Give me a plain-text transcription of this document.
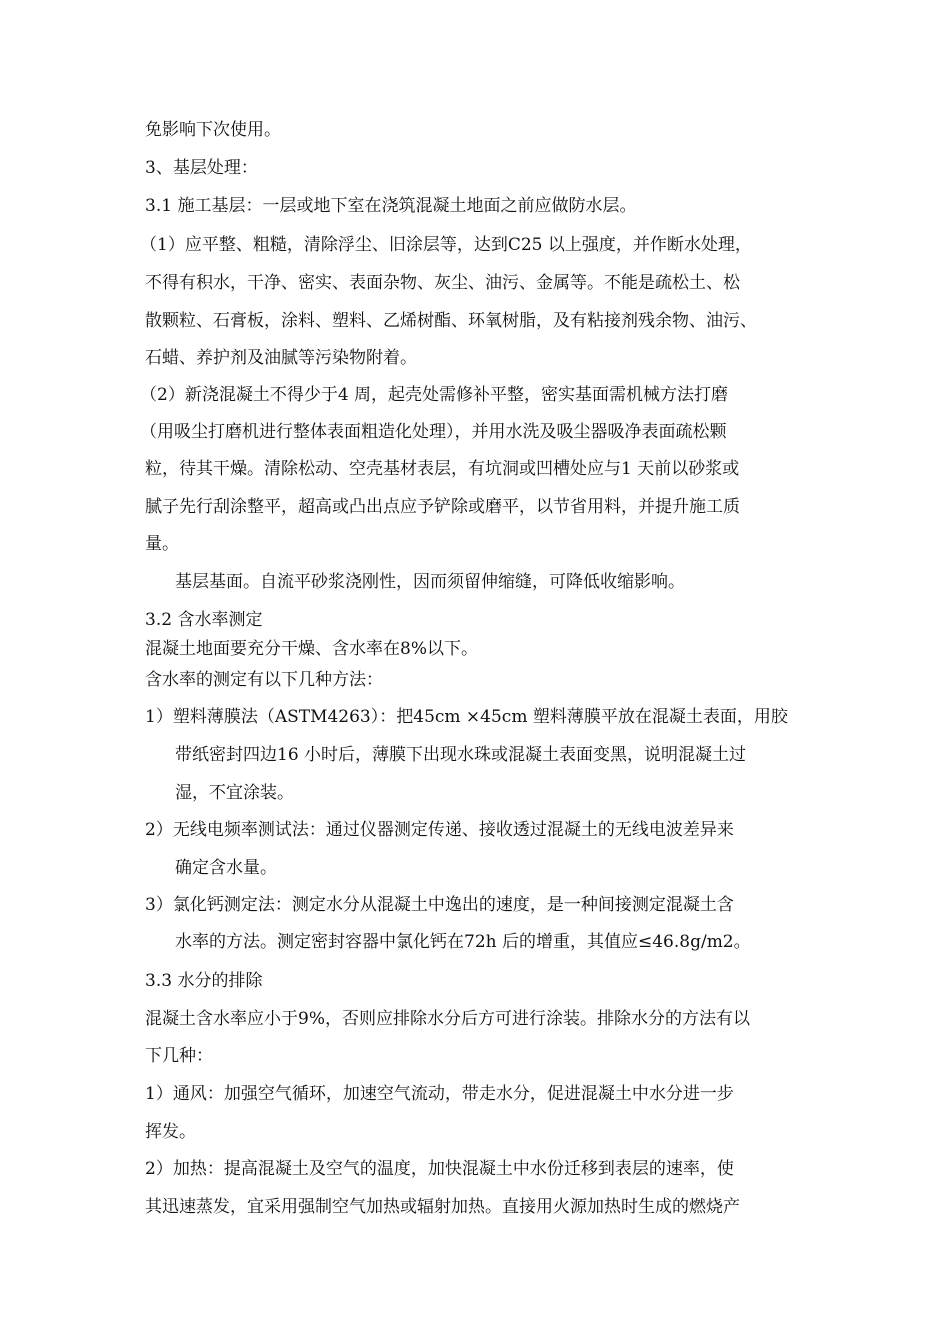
免影响下次使用。
3、基层处理：
3.1 施工基层：一层或地下室在浇筑混凝土地面之前应做防水层。
（1）应平整、粗糙，清除浮尘、旧涂层等，达到C25 以上强度，并作断水处理，
不得有积水，干净、密实、表面杂物、灰尘、油污、金属等。不能是疏松土、松
散颗粒、石膏板，涂料、塑料、乙烯树酯、环氧树脂，及有粘接剂残余物、油污、
石蜡、养护剂及油腻等污染物附着。
（2）新浇混凝土不得少于4 周，起壳处需修补平整，密实基面需机械方法打磨
（用吸尘打磨机进行整体表面粗造化处理），并用水洗及吸尘器吸净表面疏松颗
粒，待其干燥。清除松动、空壳基材表层，有坑洞或凹槽处应与1 天前以砂浆或
腻子先行刮涂整平，超高或凸出点应予铲除或磨平，以节省用料，并提升施工质
量。
基层基面。自流平砂浆浇刚性，因而须留伸缩缝，可降低收缩影响。
3.2 含水率测定
混凝土地面要充分干燥、含水率在8%以下。
含水率的测定有以下几种方法：
1）塑料薄膜法（ASTM4263）：把45cm ×45cm 塑料薄膜平放在混凝土表面，用胶
带纸密封四边16 小时后，薄膜下出现水珠或混凝土表面变黑，说明混凝土过
湿，不宜涂装。
2）无线电频率测试法：通过仪器测定传递、接收透过混凝土的无线电波差异来
确定含水量。
3）氯化钙测定法：测定水分从混凝土中逸出的速度，是一种间接测定混凝土含
水率的方法。测定密封容器中氯化钙在72h 后的增重，其值应≤46.8g/m2。
3.3 水分的排除
混凝土含水率应小于9%，否则应排除水分后方可进行涂装。排除水分的方法有以
下几种：
1）通风：加强空气循环，加速空气流动，带走水分，促进混凝土中水分进一步
挥发。
2）加热：提高混凝土及空气的温度，加快混凝土中水份迁移到表层的速率，使
其迅速蒸发，宜采用强制空气加热或辐射加热。直接用火源加热时生成的燃烧产
